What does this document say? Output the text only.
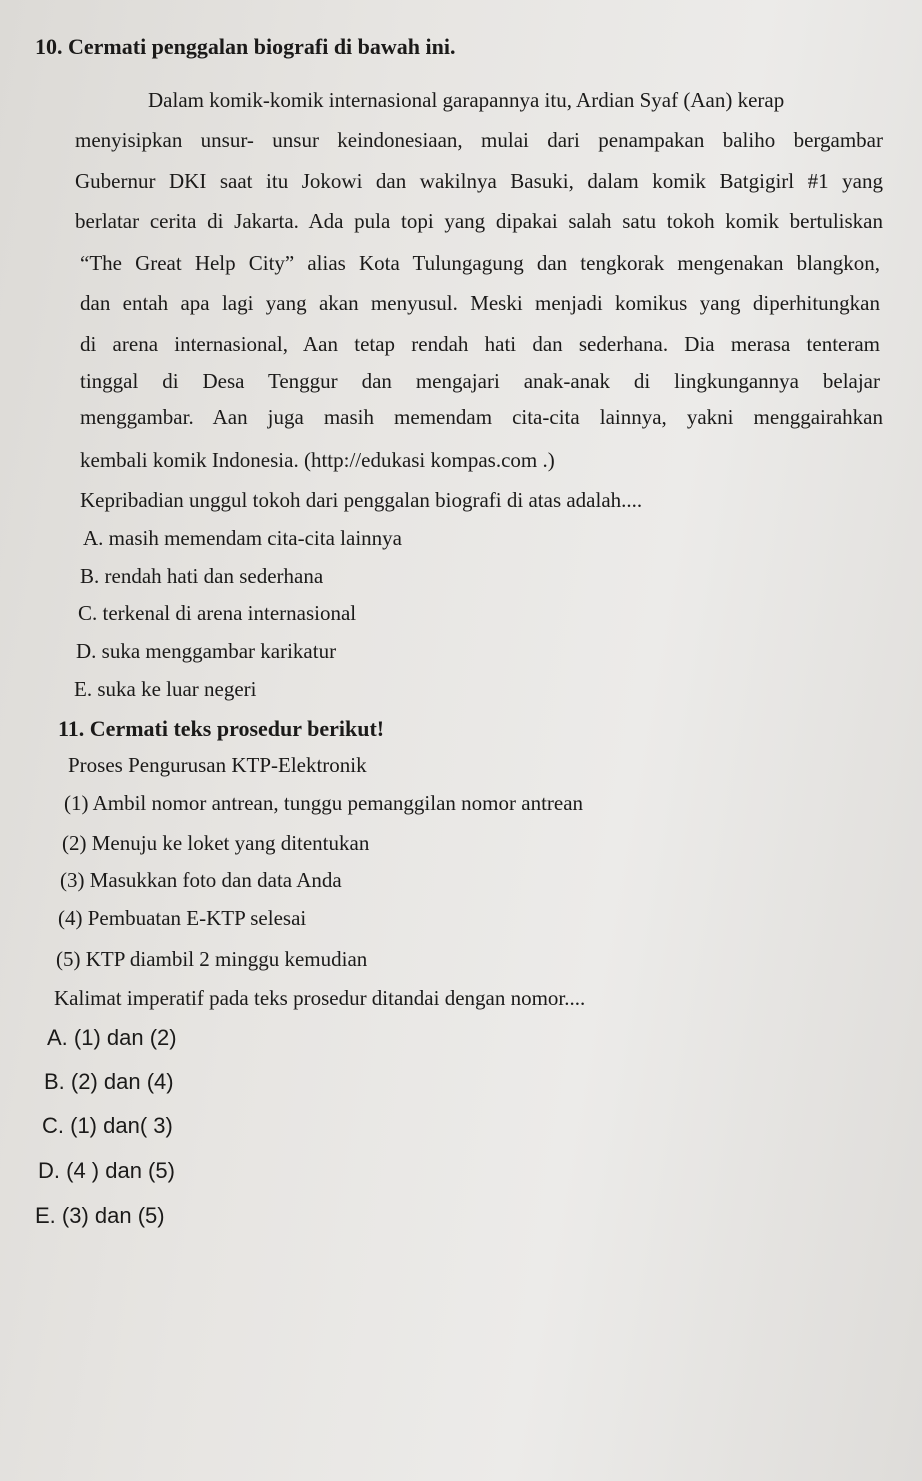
10. Cermati penggalan biografi di bawah ini.
Dalam komik-komik internasional garapannya itu, Ardian Syaf (Aan) kerap
menyisipkan unsur- unsur keindonesiaan, mulai dari penampakan baliho bergambar
Gubernur DKI saat itu Jokowi dan wakilnya Basuki, dalam komik Batgigirl #1 yang
berlatar cerita di Jakarta. Ada pula topi yang dipakai salah satu tokoh komik bertuliskan
“The Great Help City” alias Kota Tulungagung dan tengkorak mengenakan blangkon,
dan entah apa lagi yang akan menyusul. Meski menjadi komikus yang diperhitungkan
di arena internasional, Aan tetap rendah hati dan sederhana. Dia merasa tenteram
tinggal di Desa Tenggur dan mengajari anak-anak di lingkungannya belajar
menggambar. Aan juga masih memendam cita-cita lainnya, yakni menggairahkan
kembali komik Indonesia. (http://edukasi kompas.com .)
Kepribadian unggul tokoh dari penggalan biografi di atas adalah....
A. masih memendam cita-cita lainnya
B. rendah hati dan sederhana
C. terkenal di arena internasional
D. suka menggambar karikatur
E. suka ke luar negeri
11. Cermati teks prosedur berikut!
Proses Pengurusan KTP-Elektronik
(1) Ambil nomor antrean, tunggu pemanggilan nomor antrean
(2) Menuju ke loket yang ditentukan
(3) Masukkan foto dan data Anda
(4) Pembuatan E-KTP selesai
(5) KTP diambil 2 minggu kemudian
Kalimat imperatif pada teks prosedur ditandai dengan nomor....
A. (1) dan (2)
B. (2) dan (4)
C. (1) dan( 3)
D. (4 ) dan (5)
E. (3) dan (5)
